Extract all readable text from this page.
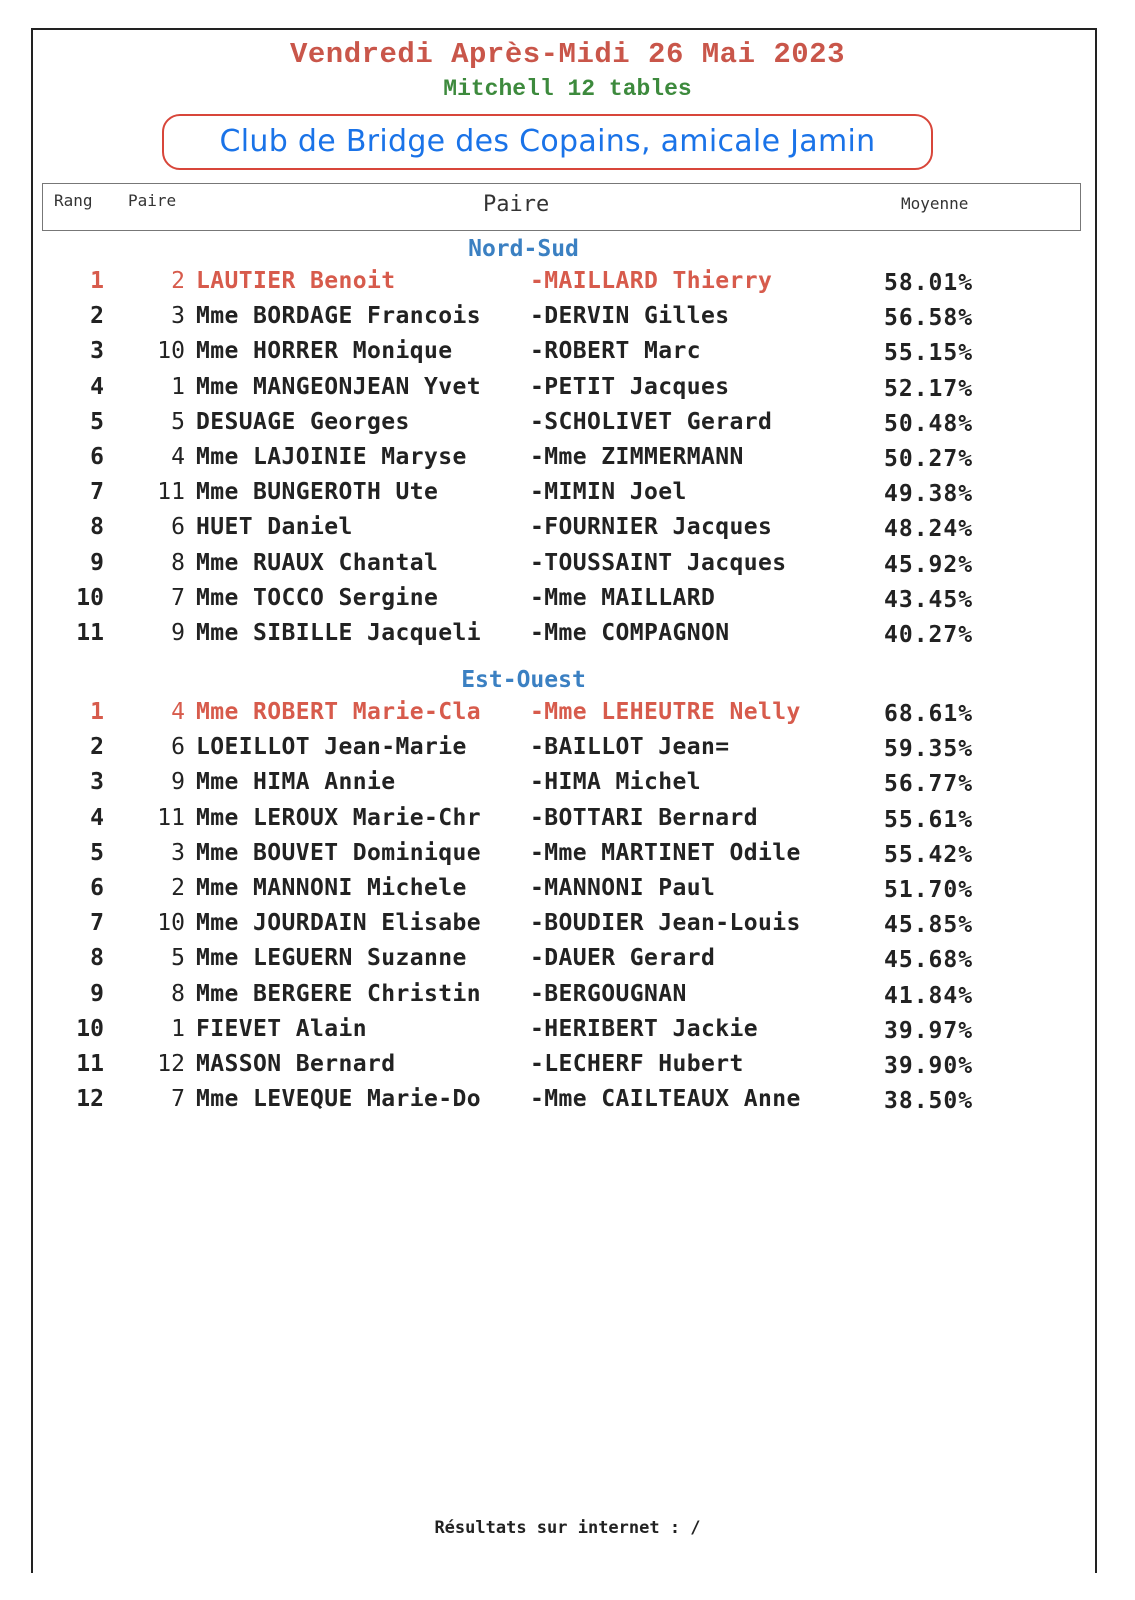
Vendredi Après-Midi 26 Mai 2023
Mitchell 12 tables
Club de Bridge des Copains, amicale Jamin
Rang Paire	Paire	Moyenne
Nord-Sud
1	2 LAUTIER Benoit	-MAILLARD Thierry	58.01%
2	3 Mme BORDAGE Francois -DERVIN Gilles	56.58%
3 10 Mme HORRER Monique	-ROBERT Marc	55.15%
4	1 Mme MANGEONJEAN Yvet -PETIT Jacques	52.17%
5	5 DESUAGE Georges	-SCHOLIVET Gerard	50.48%
6	4 Mme LAJOINIE Maryse	-Mme ZIMMERMANN	50.27%
7 11 Mme BUNGEROTH Ute	-MIMIN Joel	49.38%
8	6 HUET Daniel	-FOURNIER Jacques	48.24%
9	8 Mme RUAUX Chantal	-TOUSSAINT Jacques	45.92%
10	7 Mme TOCCO Sergine	-Mme MAILLARD	43.45%
11	9 Mme SIBILLE Jacqueli -Mme COMPAGNON	40.27%
Est-Ouest
1	4 Mme ROBERT Marie-Cla -Mme LEHEUTRE Nelly	68.61%
2	6 LOEILLOT Jean-Marie	-BAILLOT Jean=	59.35%
3	9 Mme HIMA Annie	-HIMA Michel	56.77%
4 11 Mme LEROUX Marie-Chr -BOTTARI Bernard	55.61%
5	3 Mme BOUVET Dominique -Mme MARTINET Odile	55.42%
6	2 Mme MANNONI Michele	-MANNONI Paul	51.70%
7 10 Mme JOURDAIN Elisabe -BOUDIER Jean-Louis	45.85%
8	5 Mme LEGUERN Suzanne	-DAUER Gerard	45.68%
9	8 Mme BERGERE Christin -BERGOUGNAN	41.84%
10	1 FIEVET Alain	-HERIBERT Jackie	39.97%
11 12 MASSON Bernard	-LECHERF Hubert	39.90%
12	7 Mme LEVEQUE Marie-Do -Mme CAILTEAUX Anne	38.50%
Résultats sur internet : /
